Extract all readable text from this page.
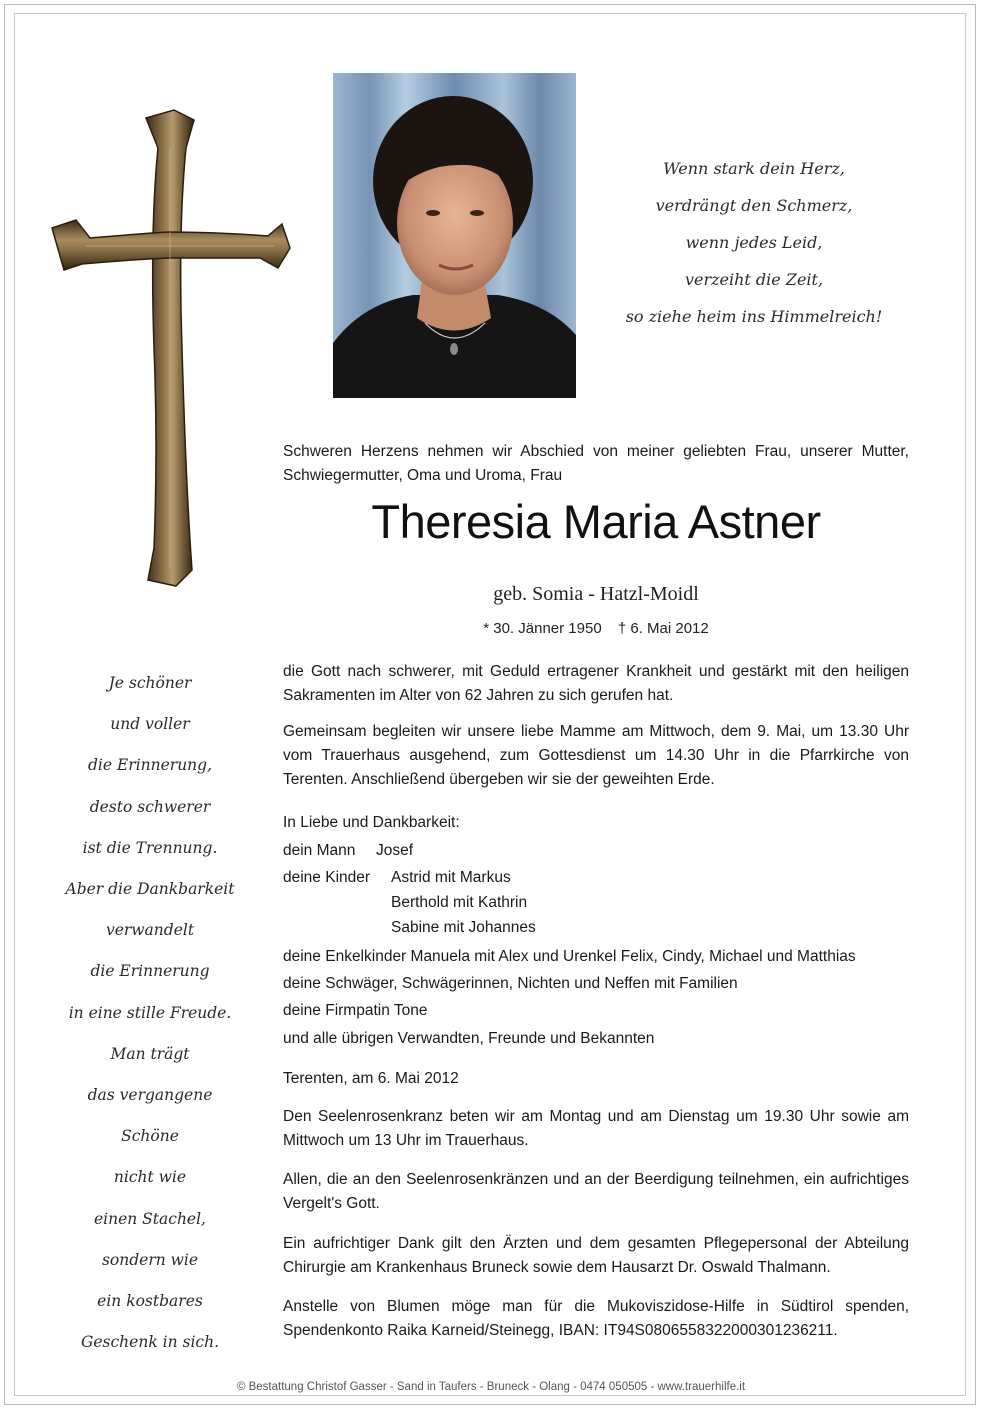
Wenn stark dein Herz,
verdrängt den Schmerz,
wenn jedes Leid,
verzeiht die Zeit,
so ziehe heim ins Himmelreich!
Je schöner
und voller
die Erinnerung,
desto schwerer
ist die Trennung.
Aber die Dankbarkeit
verwandelt
die Erinnerung
in eine stille Freude.
Man trägt
das vergangene
Schöne
nicht wie
einen Stachel,
sondern wie
ein kostbares
Geschenk in sich.
Schweren Herzens nehmen wir Abschied von meiner geliebten Frau, unserer Mutter, Schwiegermutter, Oma und Uroma, Frau
Theresia Maria Astner
geb. Somia - Hatzl-Moidl
* 30. Jänner 1950 † 6. Mai 2012
die Gott nach schwerer, mit Geduld ertragener Krankheit und gestärkt mit den heiligen Sakramenten im Alter von 62 Jahren zu sich gerufen hat.
Gemeinsam begleiten wir unsere liebe Mamme am Mittwoch, dem 9. Mai, um 13.30 Uhr vom Trauerhaus ausgehend, zum Gottesdienst um 14.30 Uhr in die Pfarrkirche von Terenten. Anschließend übergeben wir sie der geweihten Erde.
In Liebe und Dankbarkeit:
dein Mann Josef
deine Kinder Astrid mit Markus
Berthold mit Kathrin
Sabine mit Johannes
deine Enkelkinder Manuela mit Alex und Urenkel Felix, Cindy, Michael und Matthias
deine Schwäger, Schwägerinnen, Nichten und Neffen mit Familien
deine Firmpatin Tone
und alle übrigen Verwandten, Freunde und Bekannten
Terenten, am 6. Mai 2012
Den Seelenrosenkranz beten wir am Montag und am Dienstag um 19.30 Uhr sowie am Mittwoch um 13 Uhr im Trauerhaus.
Allen, die an den Seelenrosenkränzen und an der Beerdigung teilnehmen, ein aufrichtiges Vergelt's Gott.
Ein aufrichtiger Dank gilt den Ärzten und dem gesamten Pflegepersonal der Abteilung Chirurgie am Krankenhaus Bruneck sowie dem Hausarzt Dr. Oswald Thalmann.
Anstelle von Blumen möge man für die Mukoviszidose-Hilfe in Südtirol spenden, Spendenkonto Raika Karneid/Steinegg, IBAN: IT94S0806558322000301236211.
© Bestattung Christof Gasser - Sand in Taufers - Bruneck - Olang - 0474 050505 - www.trauerhilfe.it
